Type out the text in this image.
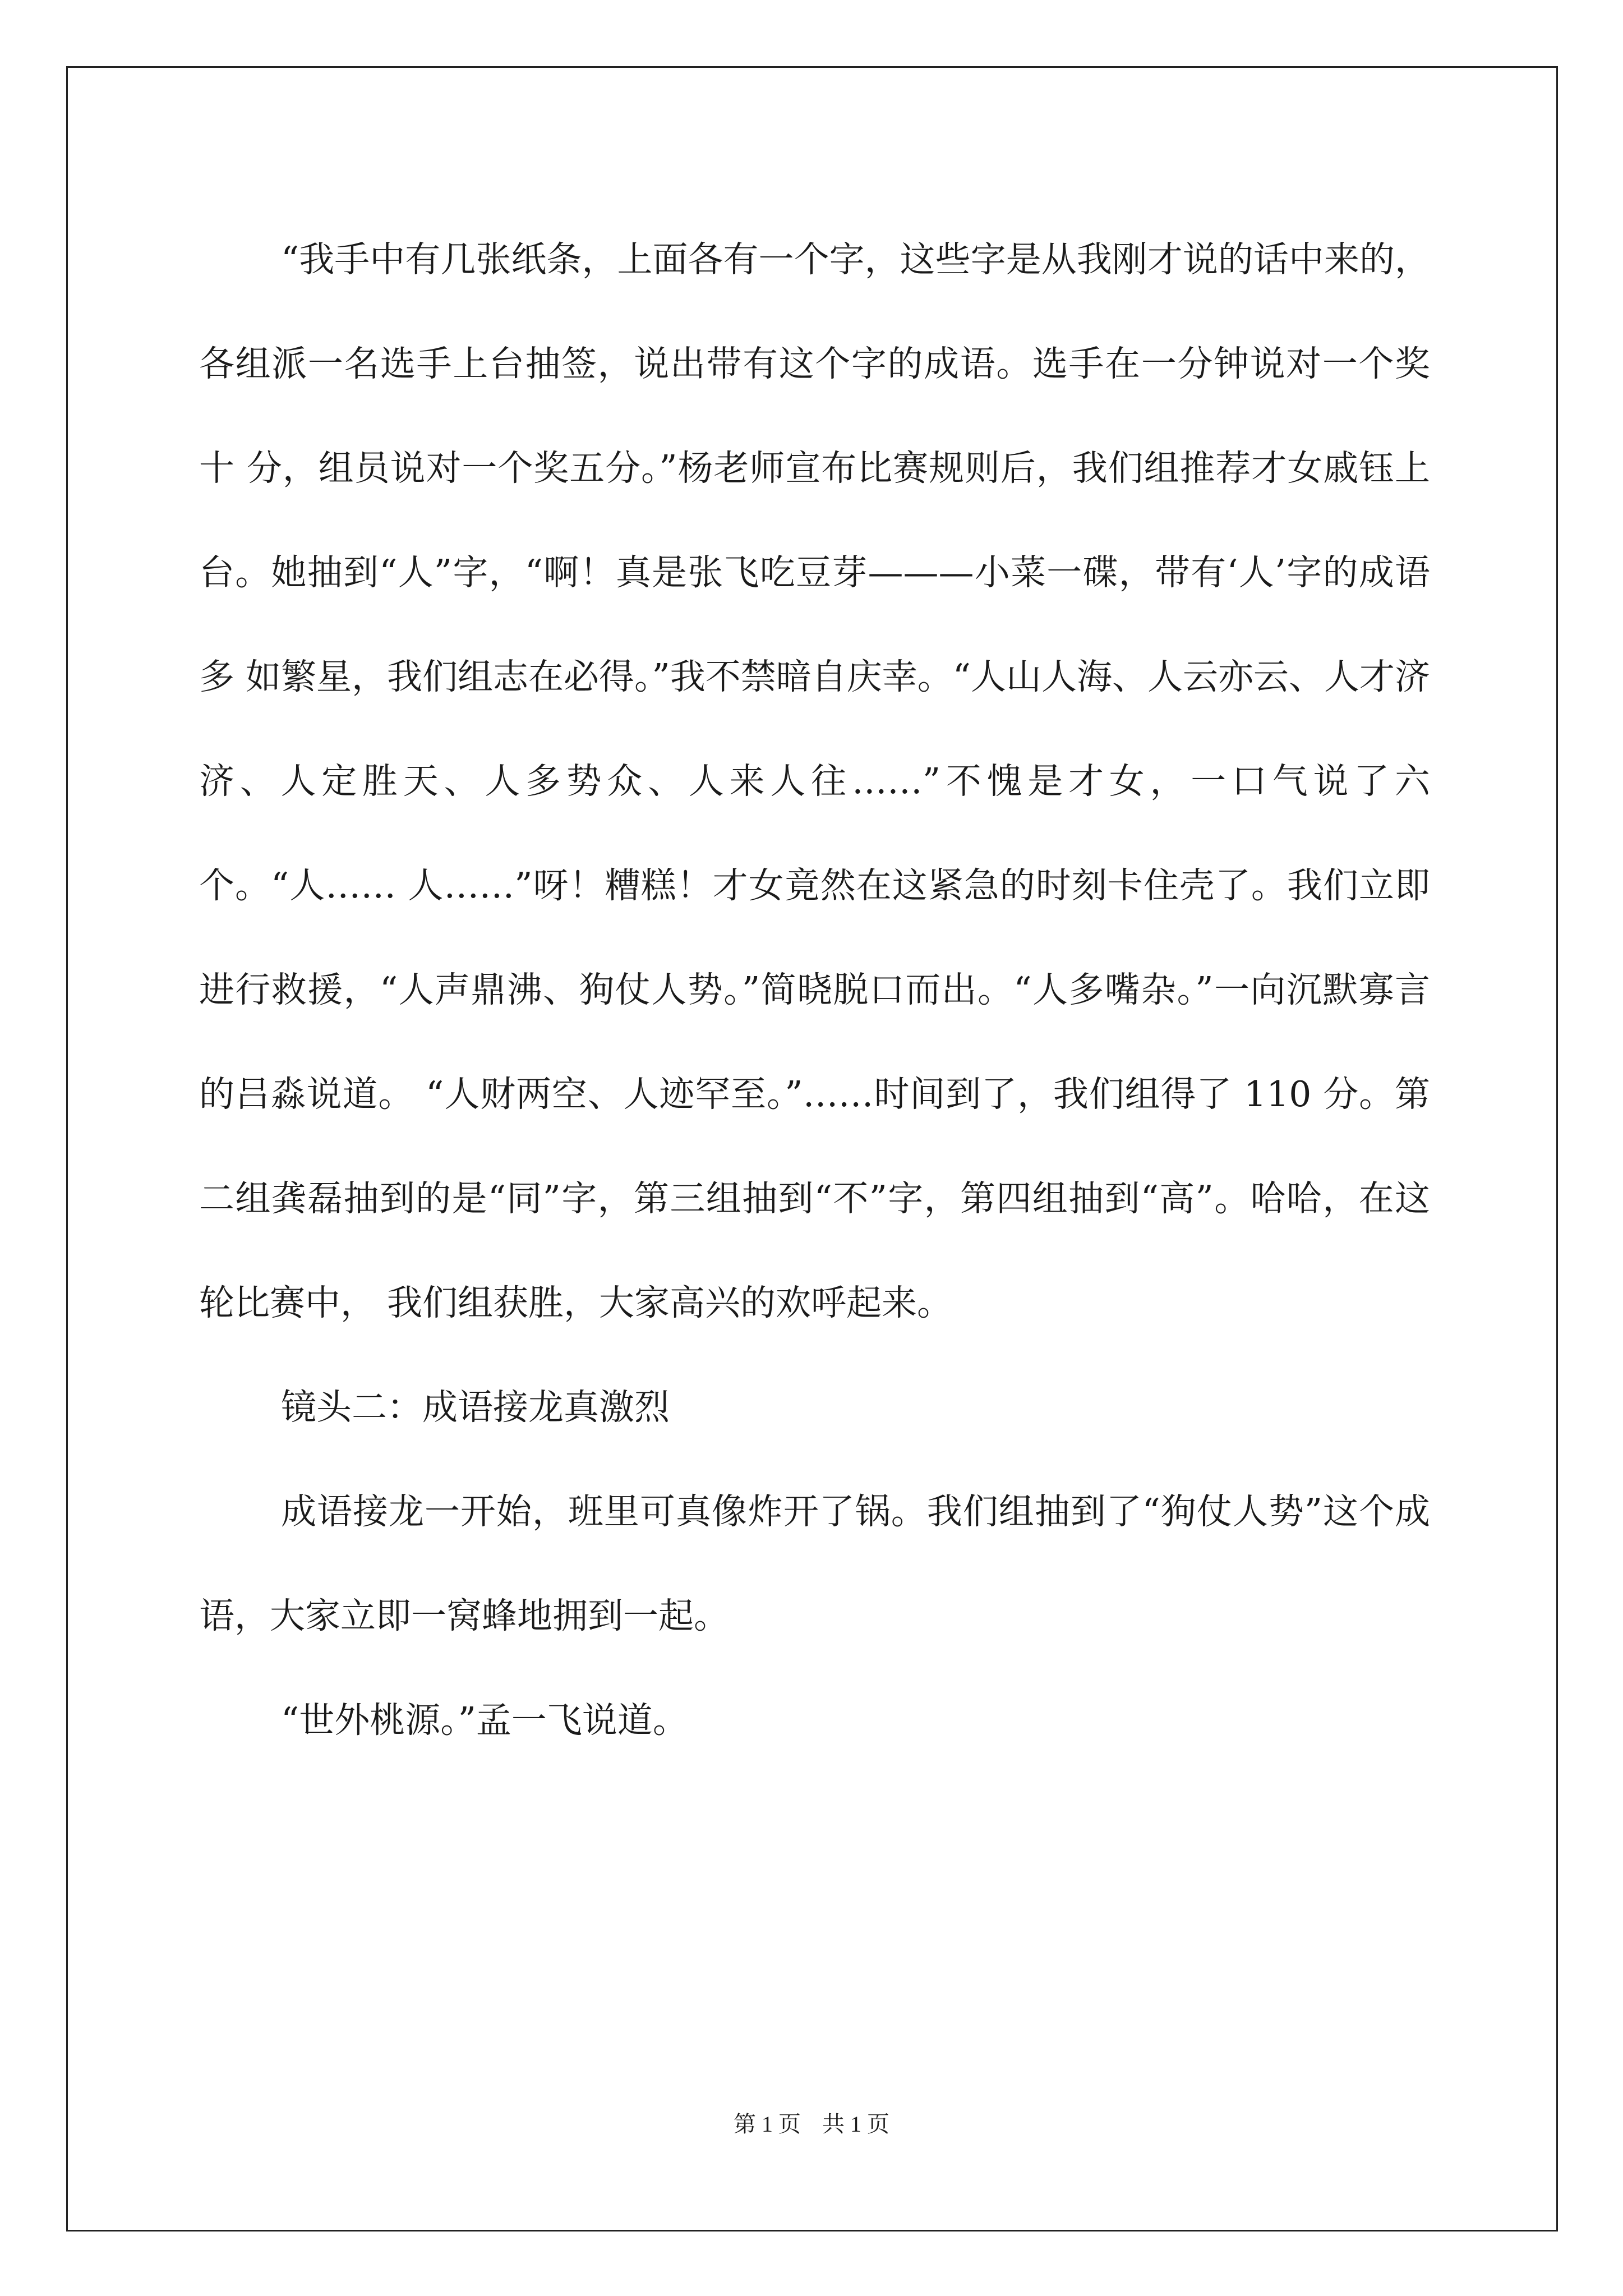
“我手中有几张纸条，上面各有一个字，这些字是从我刚才说的话中来的，各组派一名选手上台抽签，说出带有这个字的成语。选手在一分钟说对一个奖十 分，组员说对一个奖五分。”杨老师宣布比赛规则后，我们组推荐才女戚钰上台。她抽到“人”字，“啊！真是张飞吃豆芽———小菜一碟，带有‘人’字的成语多 如繁星，我们组志在必得。”我不禁暗自庆幸。“人山人海、人云亦云、人才济济、人定胜天、人多势众、人来人往……”不愧是才女，一口气说了六个。“人…… 人……”呀！糟糕！才女竟然在这紧急的时刻卡住壳了。我们立即进行救援，“人声鼎沸、狗仗人势。”简晓脱口而出。“人多嘴杂。”一向沉默寡言的吕淼说道。 “人财两空、人迹罕至。”……时间到了，我们组得了 110 分。第二组龚磊抽到的是“同”字，第三组抽到“不”字，第四组抽到“高”。哈哈，在这轮比赛中， 我们组获胜，大家高兴的欢呼起来。

镜头二：成语接龙真激烈

成语接龙一开始，班里可真像炸开了锅。我们组抽到了“狗仗人势”这个成语，大家立即一窝蜂地拥到一起。

“世外桃源。”孟一飞说道。

第 1 页 共 1 页
